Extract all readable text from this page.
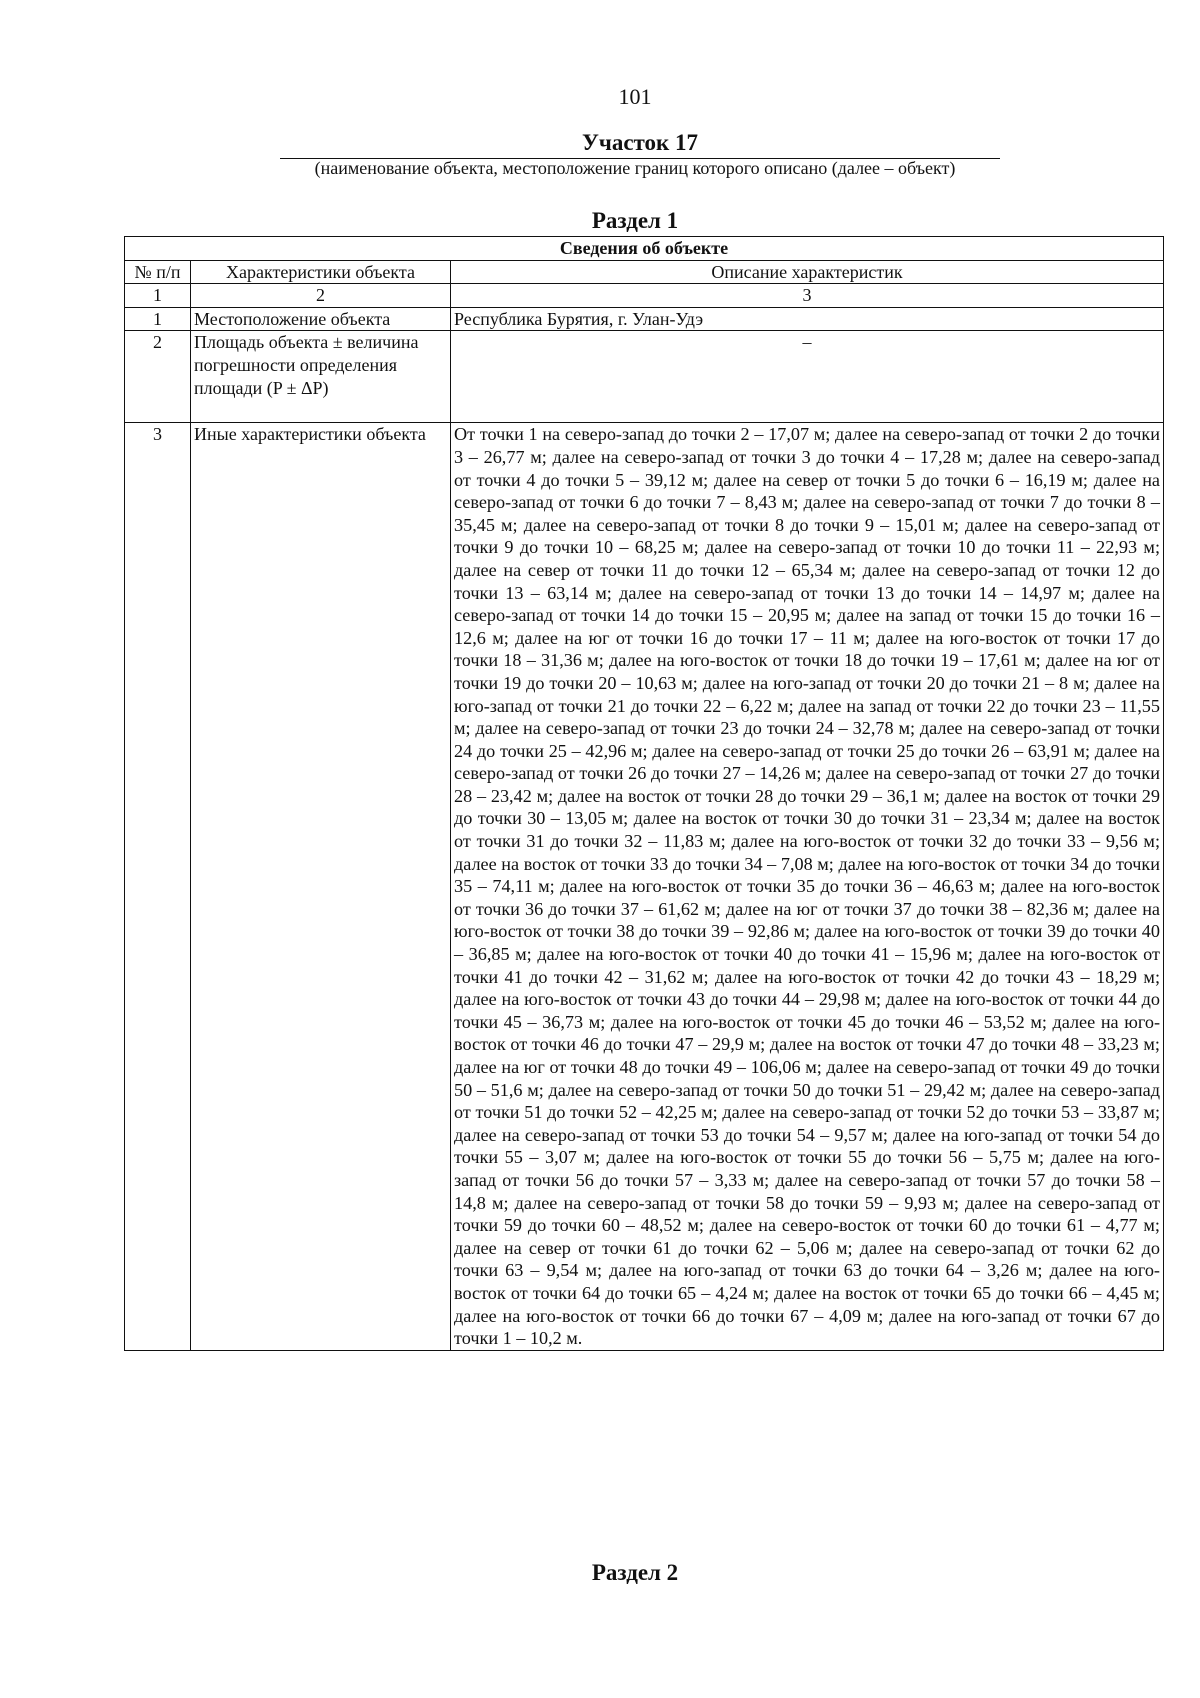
101
Участок 17
(наименование объекта, местоположение границ которого описано (далее – объект)
Раздел 1
Сведения об объекте		
№ п/п	Характеристики объекта	Описание характеристик
1	2	3
1	Местоположение объекта	Республика Бурятия, г. Улан-Удэ
2	Площадь объекта ± величина погрешности определения площади (P ± ΔP)	–
3	Иные характеристики объекта	От точки 1 на северо-запад до точки 2 – 17,07 м; далее на северо-запад от точки 2 до точки 3 – 26,77 м; далее на северо-запад от точки 3 до точки 4 – 17,28 м; далее на северо-запад от точки 4 до точки 5 – 39,12 м; далее на север от точки 5 до точки 6 – 16,19 м; далее на северо-запад от точки 6 до точки 7 – 8,43 м; далее на северо-запад от точки 7 до точки 8 – 35,45 м; далее на северо-запад от точки 8 до точки 9 – 15,01 м; далее на северо-запад от точки 9 до точки 10 – 68,25 м; далее на северо-запад от точки 10 до точки 11 – 22,93 м; далее на север от точки 11 до точки 12 – 65,34 м; далее на северо-запад от точки 12 до точки 13 – 63,14 м; далее на северо-запад от точки 13 до точки 14 – 14,97 м; далее на северо-запад от точки 14 до точки 15 – 20,95 м; далее на запад от точки 15 до точки 16 – 12,6 м; далее на юг от точки 16 до точки 17 – 11 м; далее на юго-восток от точки 17 до точки 18 – 31,36 м; далее на юго-восток от точки 18 до точки 19 – 17,61 м; далее на юг от точки 19 до точки 20 – 10,63 м; далее на юго-запад от точки 20 до точки 21 – 8 м; далее на юго-запад от точки 21 до точки 22 – 6,22 м; далее на запад от точки 22 до точки 23 – 11,55 м; далее на северо-запад от точки 23 до точки 24 – 32,78 м; далее на северо-запад от точки 24 до точки 25 – 42,96 м; далее на северо-запад от точки 25 до точки 26 – 63,91 м; далее на северо-запад от точки 26 до точки 27 – 14,26 м; далее на северо-запад от точки 27 до точки 28 – 23,42 м; далее на восток от точки 28 до точки 29 – 36,1 м; далее на восток от точки 29 до точки 30 – 13,05 м; далее на восток от точки 30 до точки 31 – 23,34 м; далее на восток от точки 31 до точки 32 – 11,83 м; далее на юго-восток от точки 32 до точки 33 – 9,56 м; далее на восток от точки 33 до точки 34 – 7,08 м; далее на юго-восток от точки 34 до точки 35 – 74,11 м; далее на юго-восток от точки 35 до точки 36 – 46,63 м; далее на юго-восток от точки 36 до точки 37 – 61,62 м; далее на юг от точки 37 до точки 38 – 82,36 м; далее на юго-восток от точки 38 до точки 39 – 92,86 м; далее на юго-восток от точки 39 до точки 40 – 36,85 м; далее на юго-восток от точки 40 до точки 41 – 15,96 м; далее на юго-восток от точки 41 до точки 42 – 31,62 м; далее на юго-восток от точки 42 до точки 43 – 18,29 м; далее на юго-восток от точки 43 до точки 44 – 29,98 м; далее на юго-восток от точки 44 до точки 45 – 36,73 м; далее на юго-восток от точки 45 до точки 46 – 53,52 м; далее на юго-восток от точки 46 до точки 47 – 29,9 м; далее на восток от точки 47 до точки 48 – 33,23 м; далее на юг от точки 48 до точки 49 – 106,06 м; далее на северо-запад от точки 49 до точки 50 – 51,6 м; далее на северо-запад от точки 50 до точки 51 – 29,42 м; далее на северо-запад от точки 51 до точки 52 – 42,25 м; далее на северо-запад от точки 52 до точки 53 – 33,87 м; далее на северо-запад от точки 53 до точки 54 – 9,57 м; далее на юго-запад от точки 54 до точки 55 – 3,07 м; далее на юго-восток от точки 55 до точки 56 – 5,75 м; далее на юго-запад от точки 56 до точки 57 – 3,33 м; далее на северо-запад от точки 57 до точки 58 – 14,8 м; далее на северо-запад от точки 58 до точки 59 – 9,93 м; далее на северо-запад от точки 59 до точки 60 – 48,52 м; далее на северо-восток от точки 60 до точки 61 – 4,77 м; далее на север от точки 61 до точки 62 – 5,06 м; далее на северо-запад от точки 62 до точки 63 – 9,54 м; далее на юго-запад от точки 63 до точки 64 – 3,26 м; далее на юго-восток от точки 64 до точки 65 – 4,24 м; далее на восток от точки 65 до точки 66 – 4,45 м; далее на юго-восток от точки 66 до точки 67 – 4,09 м; далее на юго-запад от точки 67 до точки 1 – 10,2 м.
Раздел 2
